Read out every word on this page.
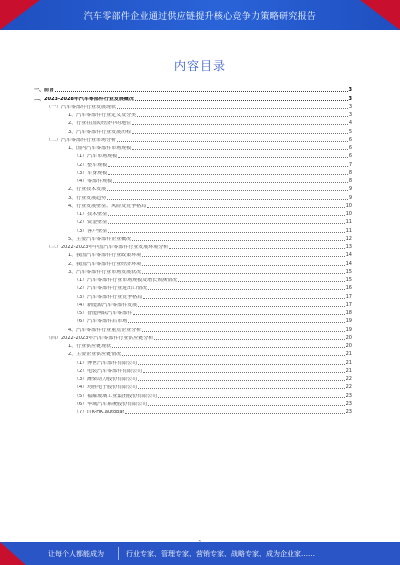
汽车零部件企业通过供应链提升核心竞争力策略研究报告
内容目录
一、前言	3
二、2023-2028年汽车零部件行业发展概况	3
（一）汽车零部件行业发展现状	3
1、汽车零部件行业定义及分类	3
2、行业在国民经济中的地位	4
3、汽车零部件行业发展历程	5
（二）汽车零部件行业市场分析	6
1、国内汽车零部件市场规模	6
（1）汽车市场规模	6
（2）整车规模	7
（3）车身规模	8
（4）零部件规模	8
2、行业技术发展	9
3、行业发展趋势	9
4、行业发展壁垒、风险及竞争格局	10
（1）技术壁垒	10
（2）资金壁垒	11
（3）客户壁垒	11
5、主要汽车零部件企业概况	12
（三）2022-2023年中国汽车零部件行业发展环境分析	13
1、我国汽车零部件行业政策环境	14
2、我国汽车零部件行业经济环境	14
3、汽车零部件行业市场发展状况	15
（1）汽车零部件行业市场规模及增长预测情况	15
（2）汽车零部件行业进出口情况	16
（3）汽车零部件行业竞争格局	17
（4）新能源汽车零部件发展	17
（5）智能网联汽车零部件	18
（6）汽车零部件后市场	19
4、汽车零部件行业重点企业分析	19
（四）2022-2023年汽车零部件行业供应链分析	20
1、行业供应链现状	20
2、主要企业供应链情况	21
（1）博世汽车部件有限公司	21
（2）电装汽车零部件有限公司	21
（3）潍柴动力股份有限公司	22
（4）均胜电子股份有限公司	22
（5）福耀玻璃工业集团股份有限公司	23
（6）华域汽车系统股份有限公司	23
（7）ITK-HK.autobar	23
让每个人都能成为	行业专家、管理专家、营销专家、战略专家、成为企业家……
